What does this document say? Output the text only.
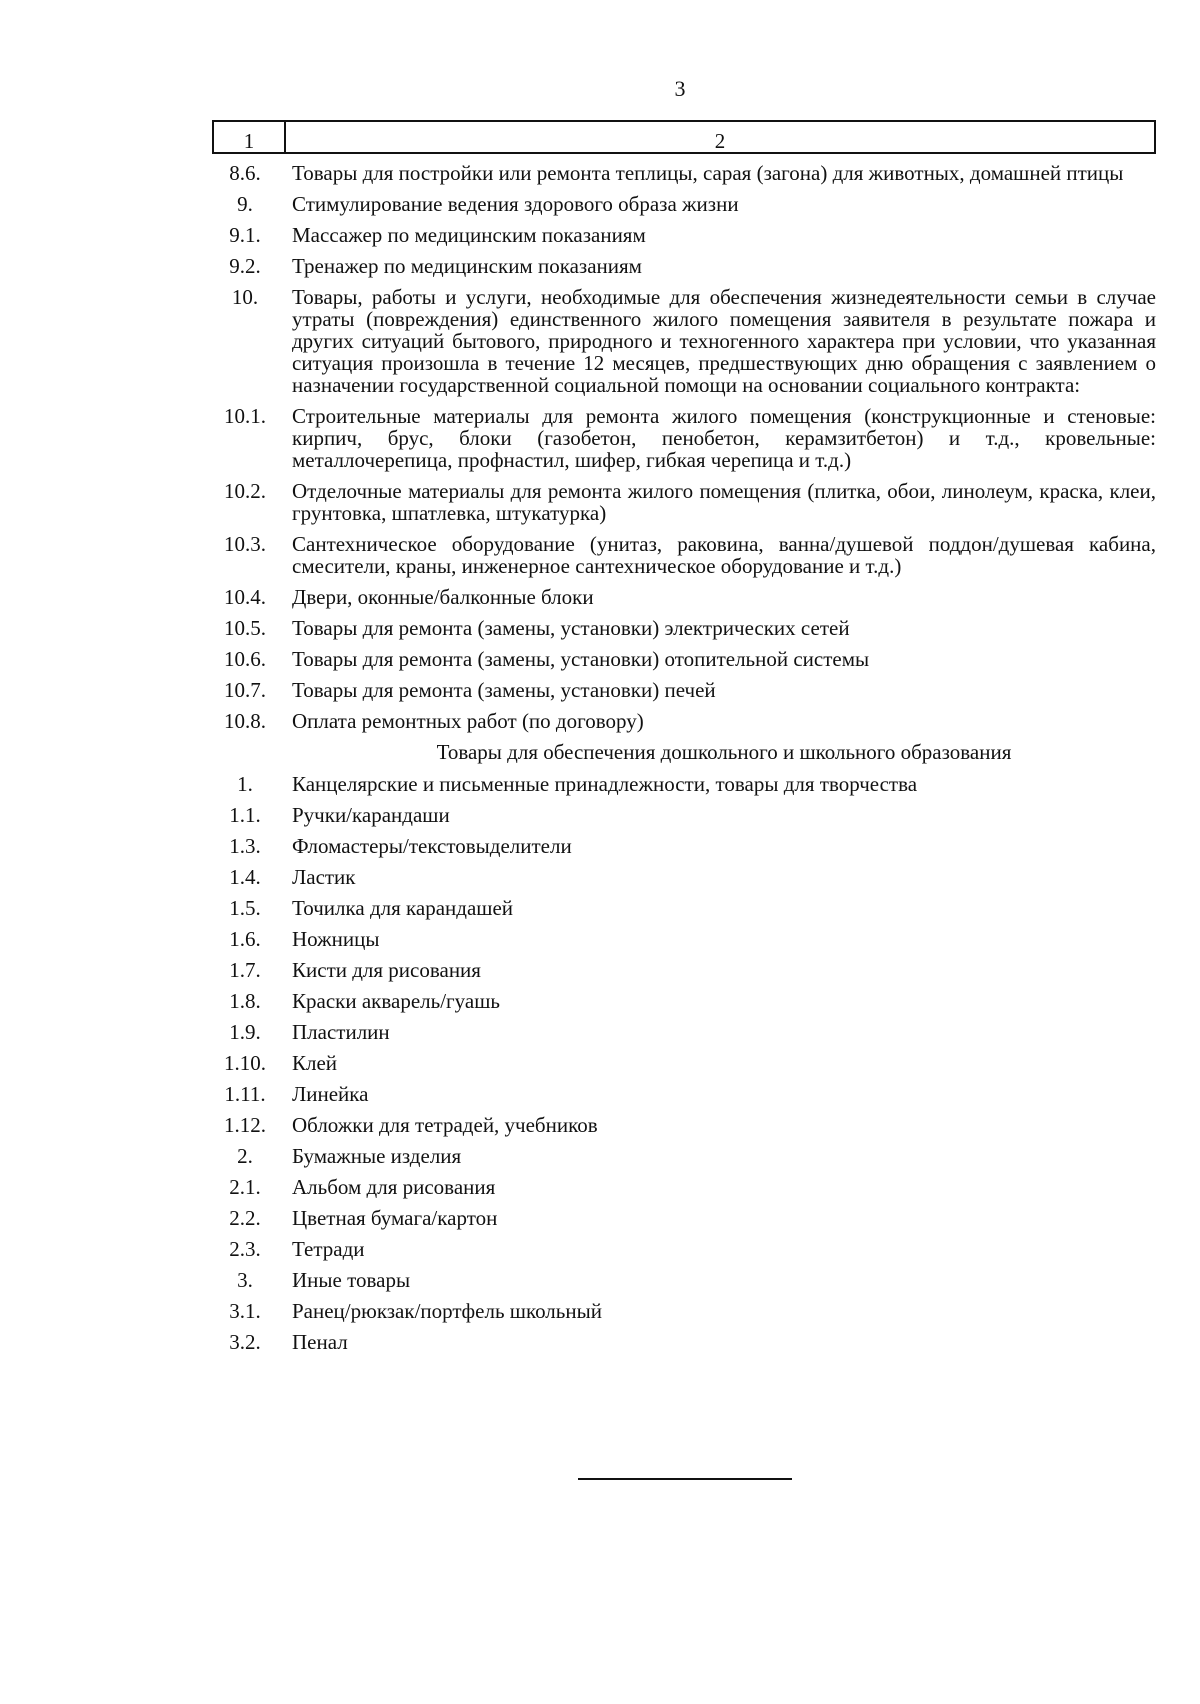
3
1	2
8.6.	Товары для постройки или ремонта теплицы, сарая (загона) для животных, домашней птицы
9.	Стимулирование ведения здорового образа жизни
9.1.	Массажер по медицинским показаниям
9.2.	Тренажер по медицинским показаниям
10.	Товары, работы и услуги, необходимые для обеспечения жизнедеятельности семьи в случае утраты (повреждения) единственного жилого помещения заявителя в результате пожара и других ситуаций бытового, природного и техногенного характера при условии, что указанная ситуация произошла в течение 12 месяцев, предшествующих дню обращения с заявлением о назначении государственной социальной помощи на основании социального контракта:
10.1.	Строительные материалы для ремонта жилого помещения (конструкционные и стеновые: кирпич, брус, блоки (газобетон, пенобетон, керамзитбетон) и т.д., кровельные: металлочерепица, профнастил, шифер, гибкая черепица и т.д.)
10.2.	Отделочные материалы для ремонта жилого помещения (плитка, обои, линолеум, краска, клеи, грунтовка, шпатлевка, штукатурка)
10.3.	Сантехническое оборудование (унитаз, раковина, ванна/душевой поддон/душевая кабина, смесители, краны, инженерное сантехническое оборудование и т.д.)
10.4.	Двери, оконные/балконные блоки
10.5.	Товары для ремонта (замены, установки) электрических сетей
10.6.	Товары для ремонта (замены, установки) отопительной системы
10.7.	Товары для ремонта (замены, установки) печей
10.8.	Оплата ремонтных работ (по договору)
Товары для обеспечения дошкольного и школьного образования
1.	Канцелярские и письменные принадлежности, товары для творчества
1.1.	Ручки/карандаши
1.3.	Фломастеры/текстовыделители
1.4.	Ластик
1.5.	Точилка для карандашей
1.6.	Ножницы
1.7.	Кисти для рисования
1.8.	Краски акварель/гуашь
1.9.	Пластилин
1.10.	Клей
1.11.	Линейка
1.12.	Обложки для тетрадей, учебников
2.	Бумажные изделия
2.1.	Альбом для рисования
2.2.	Цветная бумага/картон
2.3.	Тетради
3.	Иные товары
3.1.	Ранец/рюкзак/портфель школьный
3.2.	Пенал
